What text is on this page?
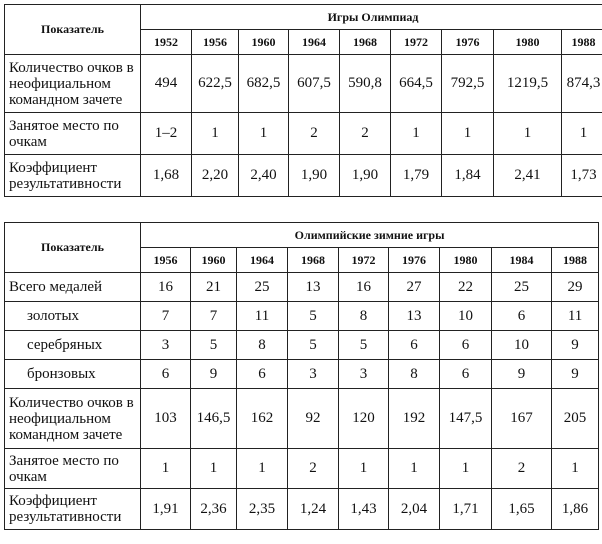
Показатель	Игры Олимпиад								
	1952	1956	1960	1964	1968	1972	1976	1980	1988
Количество очков в неофициальном командном зачете	494	622,5	682,5	607,5	590,8	664,5	792,5	1219,5	874,3
Занятое место по очкам	1–2	1	1	2	2	1	1	1	1
Коэффициент результативности	1,68	2,20	2,40	1,90	1,90	1,79	1,84	2,41	1,73
Показатель	Олимпийские зимние игры								
	1956	1960	1964	1968	1972	1976	1980	1984	1988
Всего медалей	16	21	25	13	16	27	22	25	29
золотых	7	7	11	5	8	13	10	6	11
серебряных	3	5	8	5	5	6	6	10	9
бронзовых	6	9	6	3	3	8	6	9	9
Количество очков в неофициальном командном зачете	103	146,5	162	92	120	192	147,5	167	205
Занятое место по очкам	1	1	1	2	1	1	1	2	1
Коэффициент результативности	1,91	2,36	2,35	1,24	1,43	2,04	1,71	1,65	1,86
